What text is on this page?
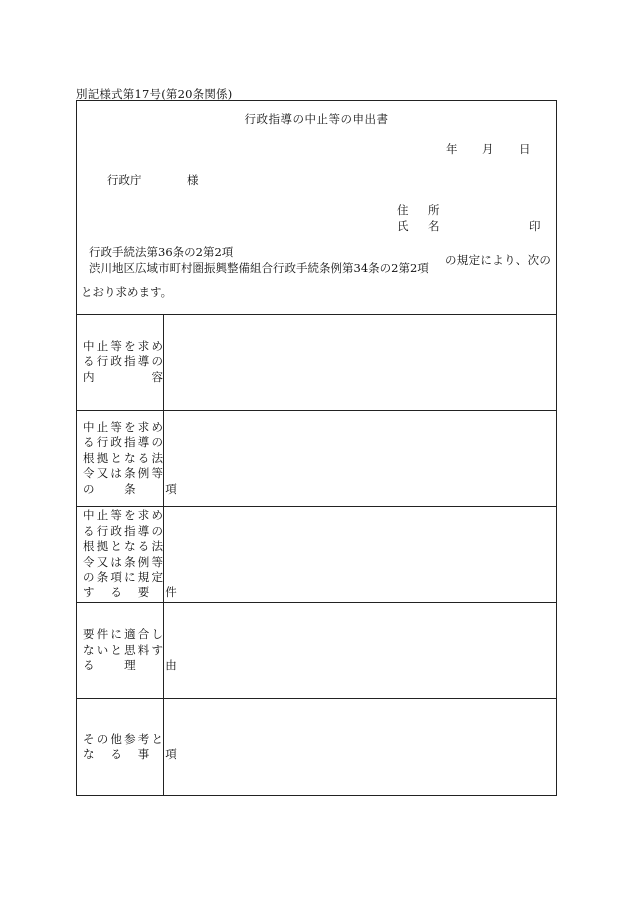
別記様式第17号(第20条関係)
行政指導の中止等の申出書
年 月 日
行政庁	様
住　所
氏　名	印
行政手続法第36条の2第2項
渋川地区広域市町村圏振興整備組合行政手続条例第34条の2第2項
の規定により、次の
とおり求めます。
中止等を求め
る行政指導の
内　　　　容
中止等を求め
る行政指導の
根拠となる法
令又は条例等
の　　条　　項
中止等を求め
る行政指導の
根拠となる法
令又は条例等
の条項に規定
す　る　要　件
要件に適合し
ないと思料す
る　　理　　由
その他参考と
な　る　事　項
